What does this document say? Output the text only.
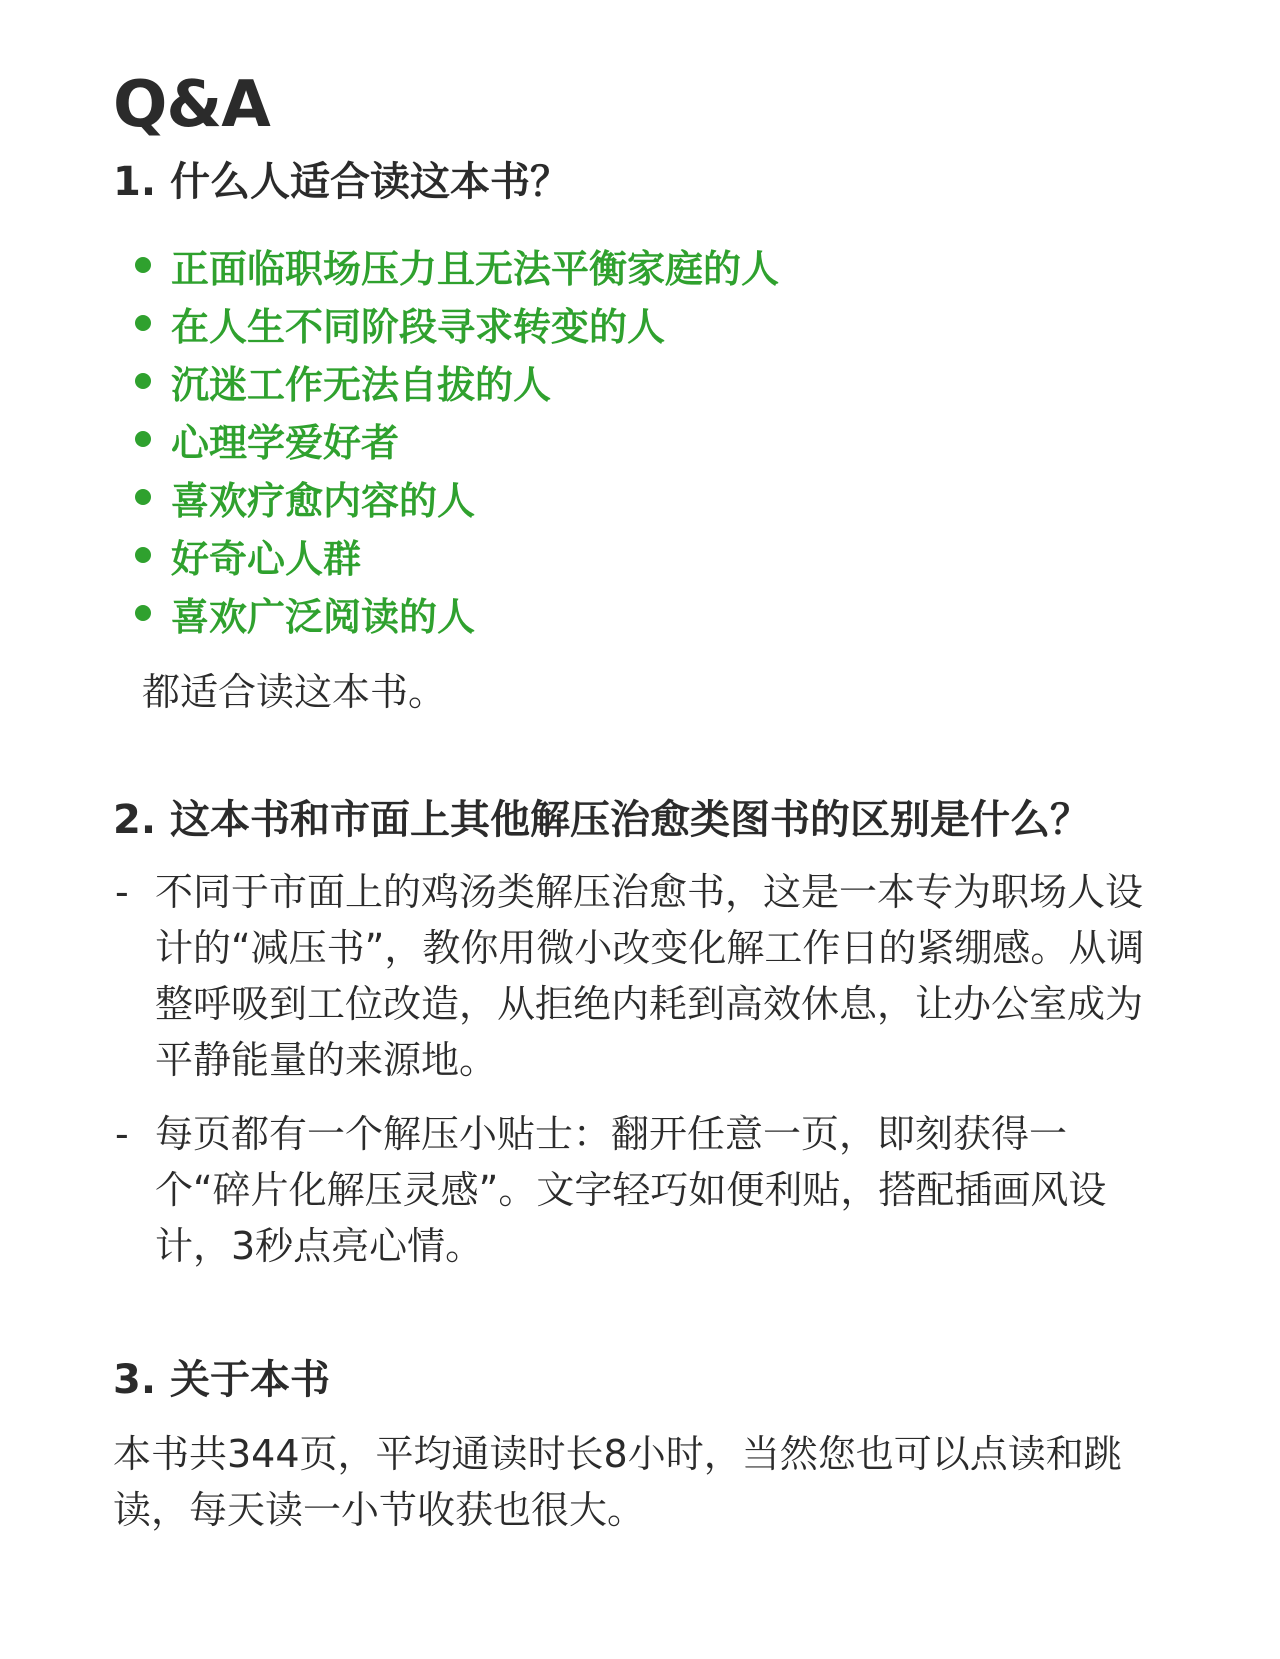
Q&A
1. 什么人适合读这本书？
正面临职场压力且无法平衡家庭的人
在人生不同阶段寻求转变的人
沉迷工作无法自拔的人
心理学爱好者
喜欢疗愈内容的人
好奇心人群
喜欢广泛阅读的人

都适合读这本书。

2. 这本书和市面上其他解压治愈类图书的区别是什么？
- 不同于市面上的鸡汤类解压治愈书，这是一本专为职场人设计的“减压书”，教你用微小改变化解工作日的紧绷感。从调整呼吸到工位改造，从拒绝内耗到高效休息，让办公室成为平静能量的来源地。
- 每页都有一个解压小贴士：翻开任意一页，即刻获得一个“碎片化解压灵感”。文字轻巧如便利贴，搭配插画风设计，3秒点亮心情。
3. 关于本书

本书共344页，平均通读时长8小时，当然您也可以点读和跳读，每天读一小节收获也很大。
